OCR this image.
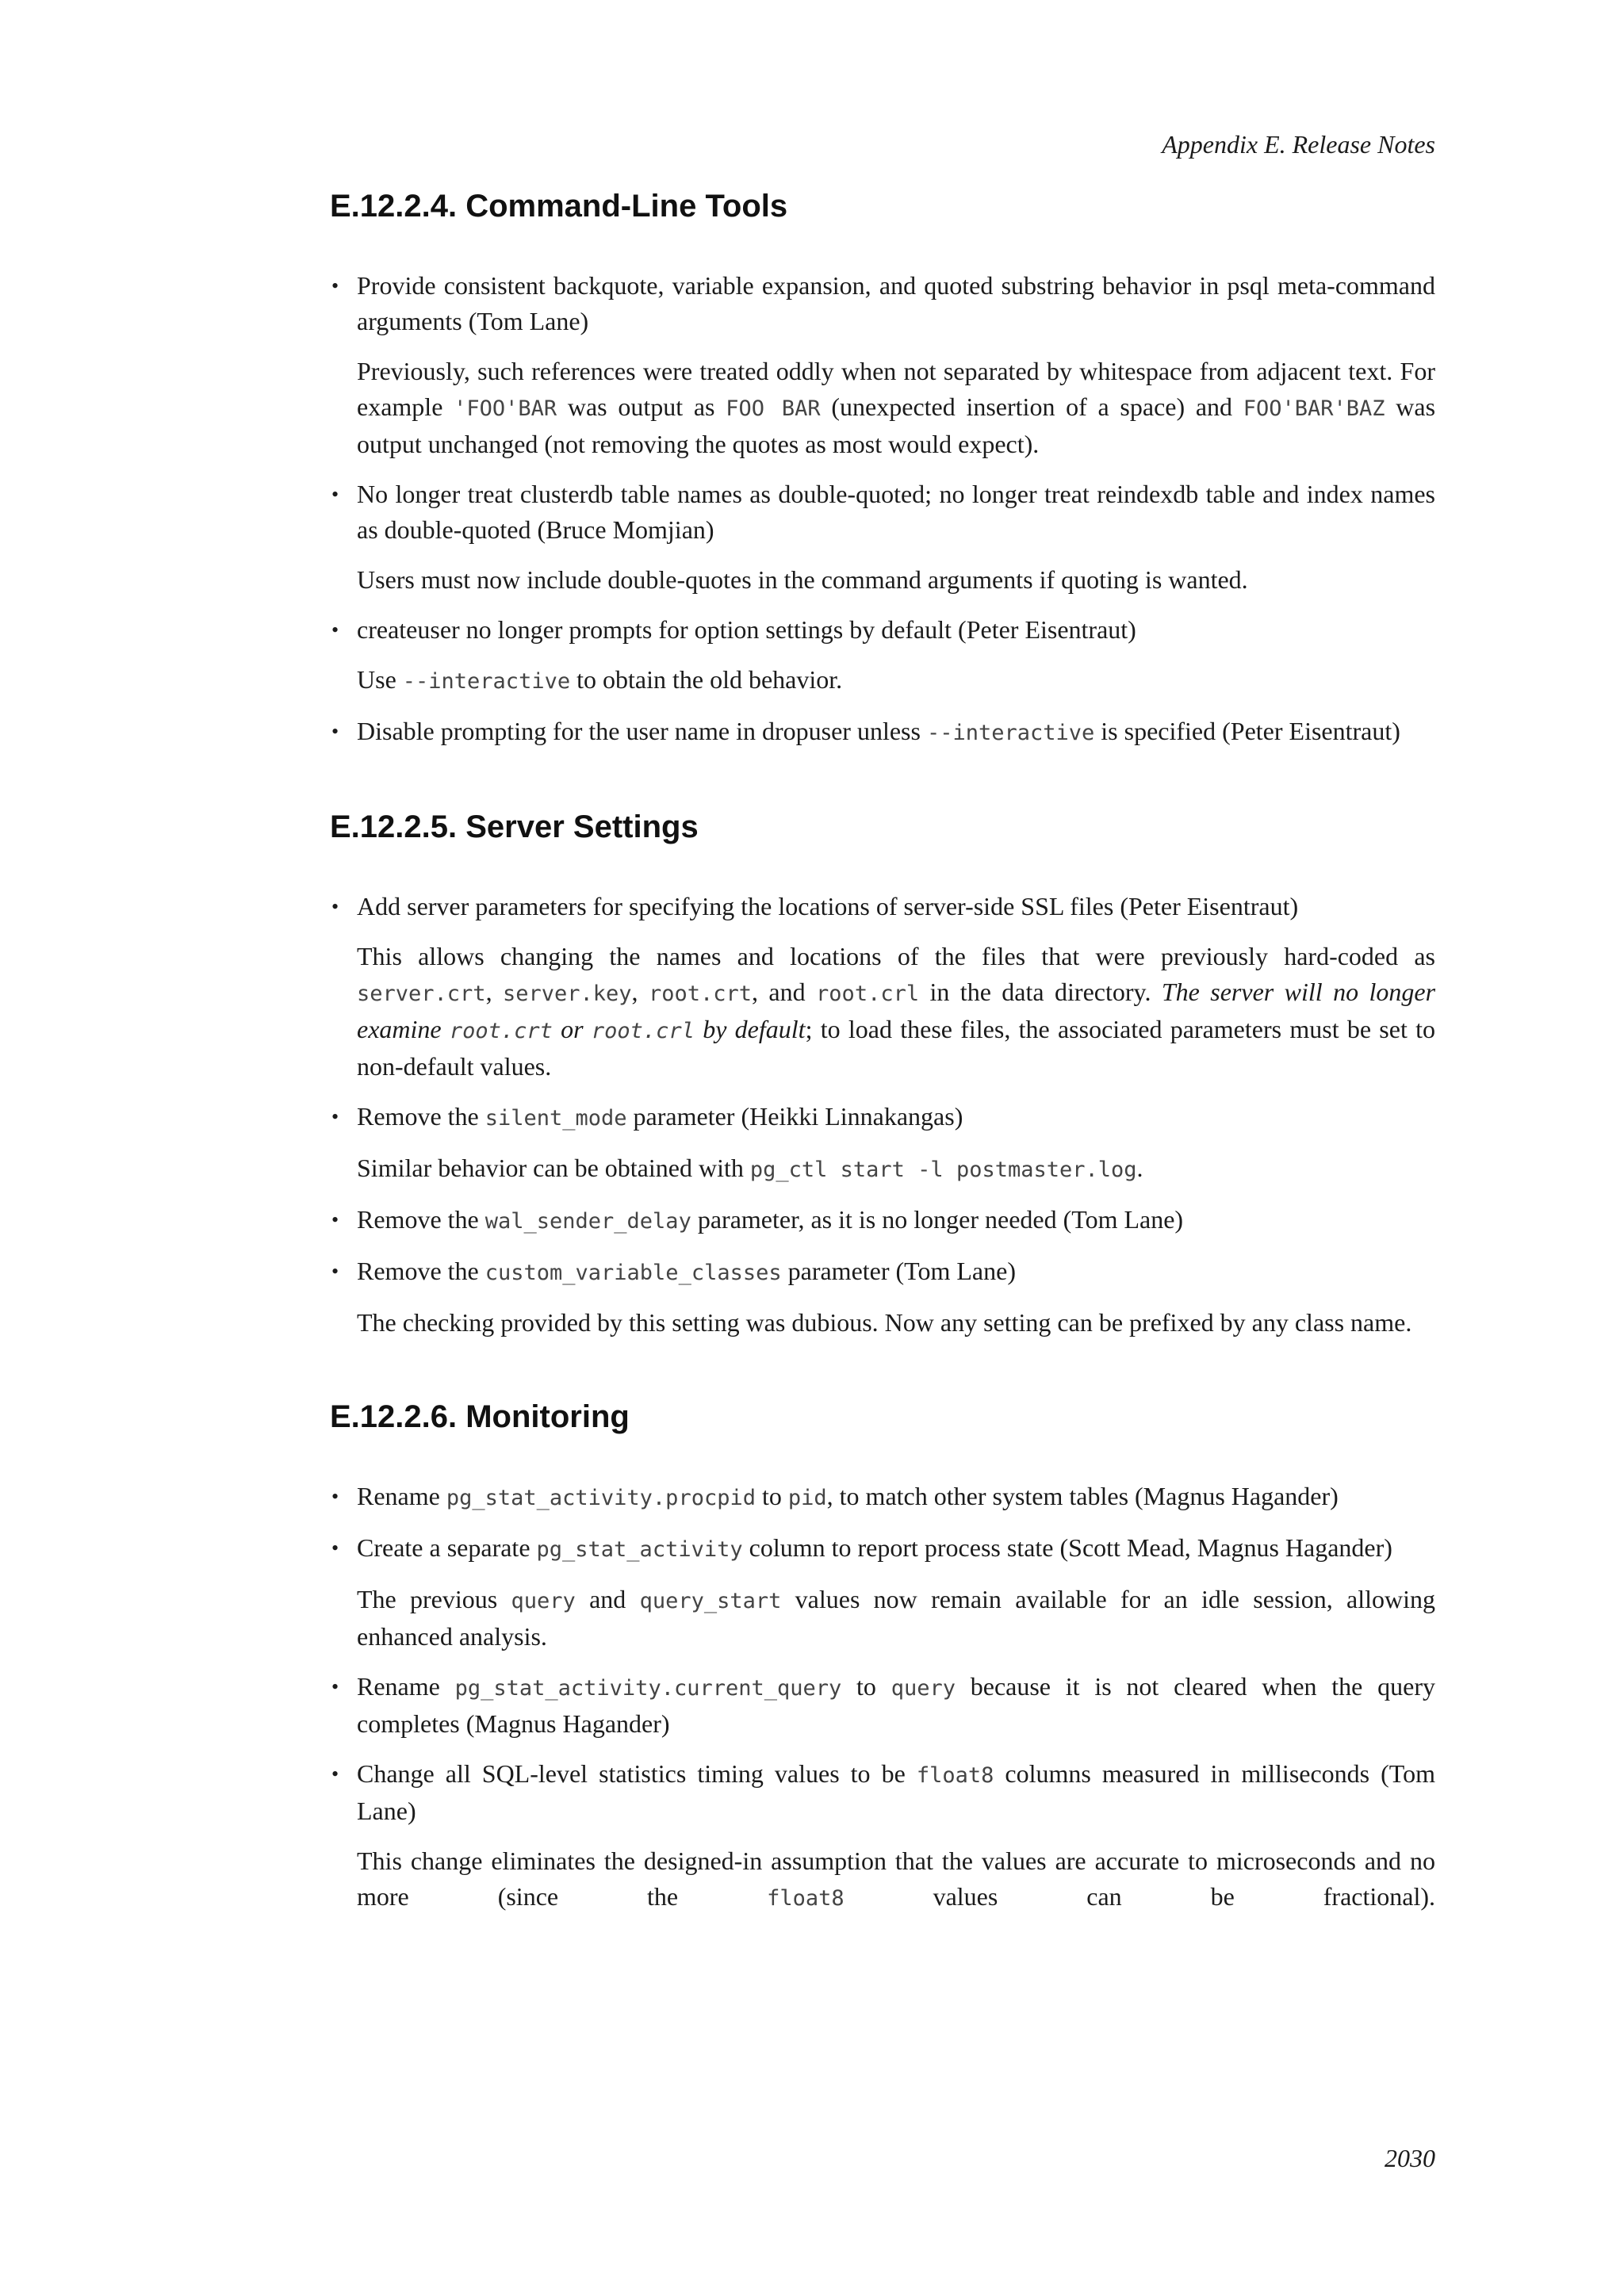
Appendix E. Release Notes
E.12.2.4. Command-Line Tools
• Provide consistent backquote, variable expansion, and quoted substring behavior in psql meta-command arguments (Tom Lane)

Previously, such references were treated oddly when not separated by whitespace from adjacent text. For example 'FOO'BAR was output as FOO BAR (unexpected insertion of a space) and FOO'BAR'BAZ was output unchanged (not removing the quotes as most would expect).

• No longer treat clusterdb table names as double-quoted; no longer treat reindexdb table and index names as double-quoted (Bruce Momjian)

Users must now include double-quotes in the command arguments if quoting is wanted.

• createuser no longer prompts for option settings by default (Peter Eisentraut)

Use --interactive to obtain the old behavior.

• Disable prompting for the user name in dropuser unless --interactive is specified (Peter Eisentraut)

E.12.2.5. Server Settings
• Add server parameters for specifying the locations of server-side SSL files (Peter Eisentraut)

This allows changing the names and locations of the files that were previously hard-coded as server.crt, server.key, root.crt, and root.crl in the data directory. The server will no longer examine root.crt or root.crl by default; to load these files, the associated parameters must be set to non-default values.

• Remove the silent_mode parameter (Heikki Linnakangas)

Similar behavior can be obtained with pg_ctl start -l postmaster.log.

• Remove the wal_sender_delay parameter, as it is no longer needed (Tom Lane)

• Remove the custom_variable_classes parameter (Tom Lane)

The checking provided by this setting was dubious. Now any setting can be prefixed by any class name.

E.12.2.6. Monitoring
• Rename pg_stat_activity.procpid to pid, to match other system tables (Magnus Hagander)

• Create a separate pg_stat_activity column to report process state (Scott Mead, Magnus Hagander)

The previous query and query_start values now remain available for an idle session, allowing enhanced analysis.

• Rename pg_stat_activity.current_query to query because it is not cleared when the query completes (Magnus Hagander)

• Change all SQL-level statistics timing values to be float8 columns measured in milliseconds (Tom Lane)

This change eliminates the designed-in assumption that the values are accurate to microseconds and no more (since the float8 values can be fractional).

2030
